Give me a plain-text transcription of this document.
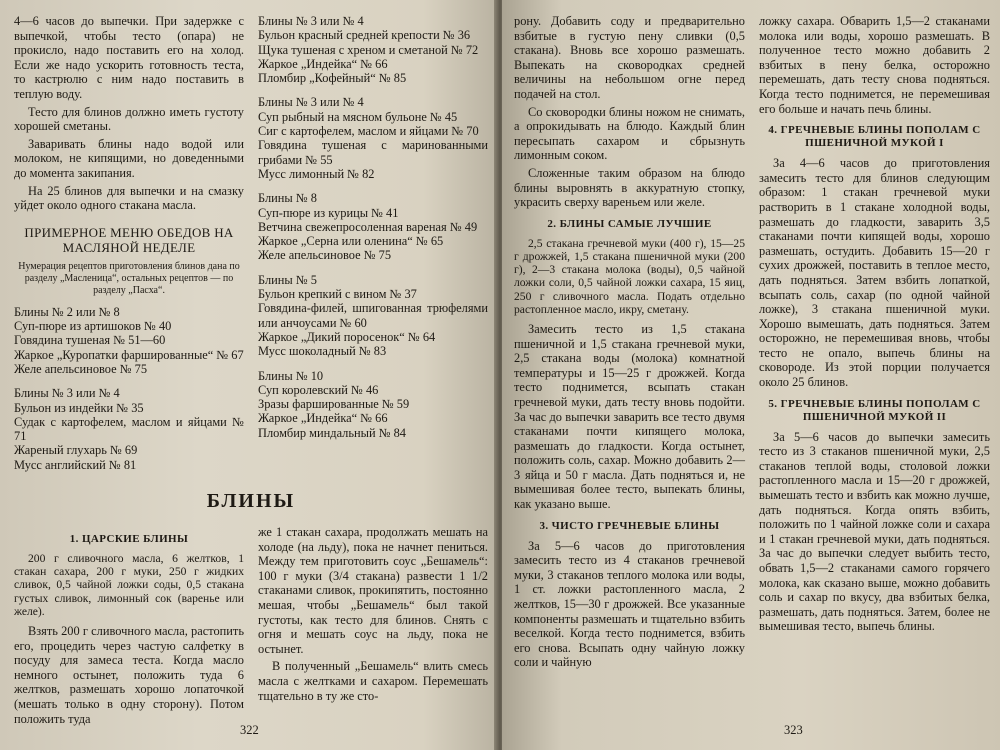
4—6 часов до выпечки. При задержке с выпечкой, чтобы тесто (опара) не прокисло, надо поставить его на холод. Если же надо ускорить готовность теста, то кастрюлю с ним надо поставить в теплую воду.

Тесто для блинов должно иметь густоту хорошей сметаны.

Заваривать блины надо водой или молоком, не кипящими, но доведенными до момента закипания.

На 25 блинов для выпечки и на смазку уйдет около одного стакана масла.

ПРИМЕРНОЕ МЕНЮ ОБЕДОВ НА МАСЛЯНОЙ НЕДЕЛЕ
Нумерация рецептов приготовления блинов дана по разделу „Масленица“, остальных рецептов — по разделу „Пасха“.

Блины № 2 или № 8

Суп-пюре из артишоков № 40

Говядина тушеная № 51—60

Жаркое „Куропатки фаршированные“ № 67

Желе апельсиновое № 75

Блины № 3 или № 4

Бульон из индейки № 35

Судак с картофелем, маслом и яйцами № 71

Жареный глухарь № 69

Мусс английский № 81

Блины № 3 или № 4

Бульон красный средней крепости № 36

Щука тушеная с хреном и сметаной № 72

Жаркое „Индейка“ № 66

Пломбир „Кофейный“ № 85

Блины № 3 или № 4

Суп рыбный на мясном бульоне № 45

Сиг с картофелем, маслом и яйцами № 70

Говядина тушеная с маринованными грибами № 55

Мусс лимонный № 82

Блины № 8

Суп-пюре из курицы № 41

Ветчина свежепросоленная вареная № 49

Жаркое „Серна или оленина“ № 65

Желе апельсиновое № 75

Блины № 5

Бульон крепкий с вином № 37

Говядина-филей, шпигованная трюфелями или анчоусами № 60

Жаркое „Дикий поросенок“ № 64

Мусс шоколадный № 83

Блины № 10

Суп королевский № 46

Зразы фаршированные № 59

Жаркое „Индейка“ № 66

Пломбир миндальный № 84

БЛИНЫ
1. ЦАРСКИЕ БЛИНЫ

200 г сливочного масла, 6 желтков, 1 стакан сахара, 200 г муки, 250 г жидких сливок, 0,5 чайной ложки соды, 0,5 стакана густых сливок, лимонный сок (варенье или желе).

Взять 200 г сливочного масла, растопить его, процедить через частую салфетку в посуду для замеса теста. Когда масло немного остынет, положить туда 6 желтков, размешать хорошо лопаточкой (мешать только в одну сторону). Потом положить туда

же 1 стакан сахара, продолжать мешать на холоде (на льду), пока не начнет пениться. Между тем приготовить соус „Бешамель“: 100 г муки (3/4 стакана) развести 1 1/2 стаканами сливок, прокипятить, постоянно мешая, чтобы „Бешамель“ был такой густоты, как тесто для блинов. Снять с огня и мешать соус на льду, пока не остынет.

В полученный „Бешамель“ влить смесь масла с желтками и сахаром. Перемешать тщательно в ту же сто-

322

рону. Добавить соду и предварительно взбитые в густую пену сливки (0,5 стакана). Вновь все хорошо размешать. Выпекать на сковородках средней величины на небольшом огне перед подачей на стол.

Со сковородки блины ножом не снимать, а опрокидывать на блюдо. Каждый блин пересыпать сахаром и сбрызнуть лимонным соком.

Сложенные таким образом на блюдо блины выровнять в аккуратную стопку, украсить сверху вареньем или желе.

2. БЛИНЫ САМЫЕ ЛУЧШИЕ

2,5 стакана гречневой муки (400 г), 15—25 г дрожжей, 1,5 стакана пшеничной муки (200 г), 2—3 стакана молока (воды), 0,5 чайной ложки соли, 0,5 чайной ложки сахара, 15 яиц, 250 г сливочного масла. Подать отдельно растопленное масло, икру, сметану.

Замесить тесто из 1,5 стакана пшеничной и 1,5 стакана гречневой муки, 2,5 стакана воды (молока) комнатной температуры и 15—25 г дрожжей. Когда тесто поднимется, всыпать стакан гречневой муки, дать тесту вновь подойти. За час до выпечки заварить все тесто двумя стаканами почти кипящего молока, размешать до гладкости. Когда остынет, положить соль, сахар. Можно добавить 2—3 яйца и 50 г масла. Дать подняться и, не вымешивая более тесто, выпекать блины, как указано выше.

3. ЧИСТО ГРЕЧНЕВЫЕ БЛИНЫ

За 5—6 часов до приготовления замесить тесто из 4 стаканов гречневой муки, 3 стаканов теплого молока или воды, 1 ст. ложки растопленного масла, 2 желтков, 15—30 г дрожжей. Все указанные компоненты размешать и тщательно взбить веселкой. Когда тесто поднимется, взбить его снова. Всыпать одну чайную ложку соли и чайную

ложку сахара. Обварить 1,5—2 стаканами молока или воды, хорошо размешать. В полученное тесто можно добавить 2 взбитых в пену белка, осторожно перемешать, дать тесту снова подняться. Когда тесто поднимется, не перемешивая его больше и начать печь блины.

4. ГРЕЧНЕВЫЕ БЛИНЫ ПОПОЛАМ С ПШЕНИЧНОЙ МУКОЙ I

За 4—6 часов до приготовления замесить тесто для блинов следующим образом: 1 стакан гречневой муки растворить в 1 стакане холодной воды, размешать до гладкости, заварить 3,5 стаканами почти кипящей воды, хорошо размешать, остудить. Добавить 15—20 г сухих дрожжей, поставить в теплое место, дать подняться. Затем взбить лопаткой, всыпать соль, сахар (по одной чайной ложке), 3 стакана пшеничной муки. Хорошо вымешать, дать подняться. Затем осторожно, не перемешивая вновь, чтобы тесто не опало, выпечь блины на сковороде. Из этой порции получается около 25 блинов.

5. ГРЕЧНЕВЫЕ БЛИНЫ ПОПОЛАМ С ПШЕНИЧНОЙ МУКОЙ II

За 5—6 часов до выпечки замесить тесто из 3 стаканов пшеничной муки, 2,5 стаканов теплой воды, столовой ложки растопленного масла и 15—20 г дрожжей, вымешать тесто и взбить как можно лучше, дать подняться. Когда опять взбить, положить по 1 чайной ложке соли и сахара и 1 стакан гречневой муки, дать подняться. За час до выпечки следует выбить тесто, обвать 1,5—2 стаканами самого горячего молока, как сказано выше, можно добавить соль и сахар по вкусу, два взбитых белка, размешать, дать подняться. Затем, более не вымешивая тесто, выпечь блины.

323
